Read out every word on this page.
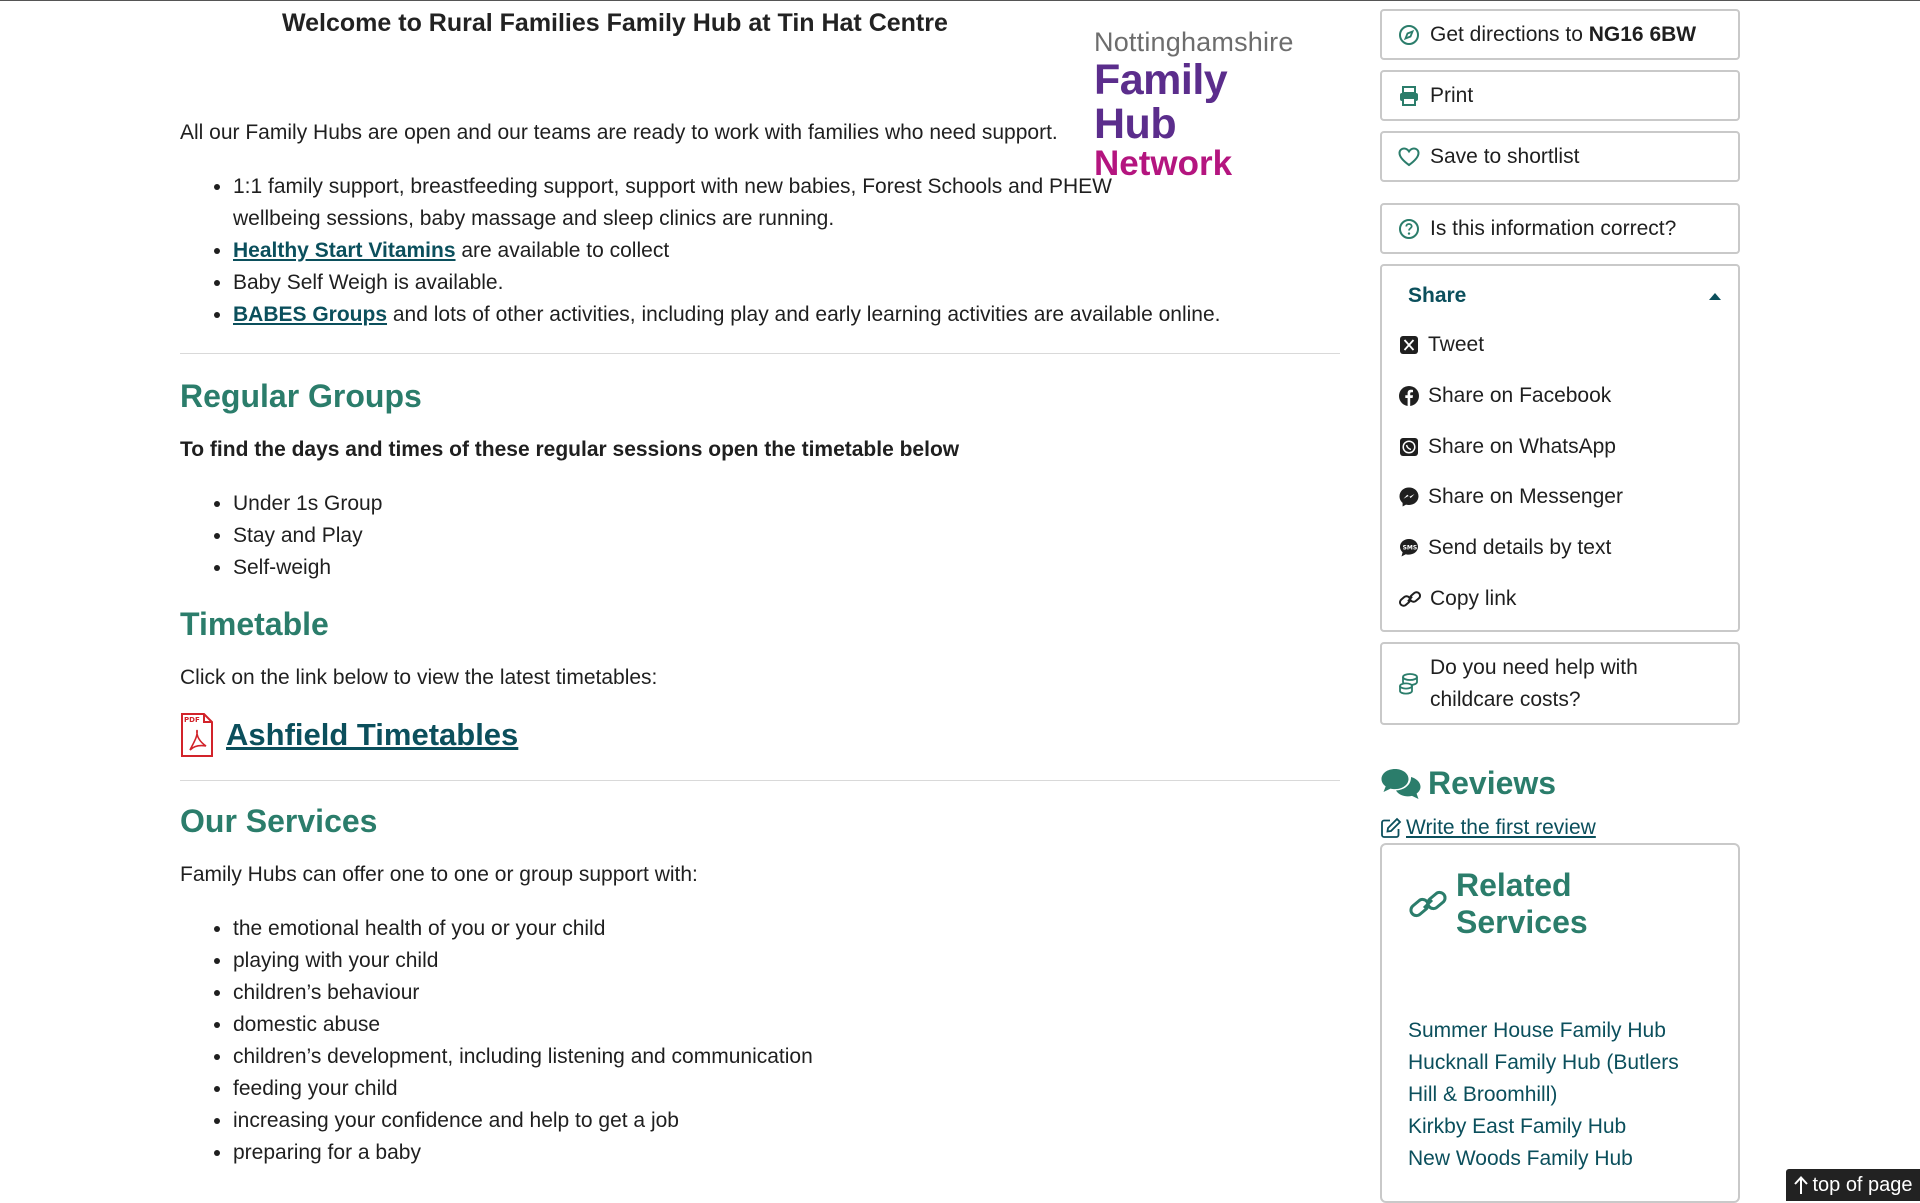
Welcome to Rural Families Family Hub at Tin Hat Centre
Nottinghamshire
Family Hub
Network

All our Family Hubs are open and our teams are ready to work with families who need support.

• 1:1 family support, breastfeeding support, support with new babies, Forest Schools and PHEW wellbeing sessions, baby massage and sleep clinics are running.
• Healthy Start Vitamins are available to collect
• Baby Self Weigh is available.
• BABES Groups and lots of other activities, including play and early learning activities are available online.
Regular Groups

To find the days and times of these regular sessions open the timetable below

• Under 1s Group
• Stay and Play
• Self-weigh
Timetable

Click on the link below to view the latest timetables:

PDF Ashfield Timetables
Our Services

Family Hubs can offer one to one or group support with:

• the emotional health of you or your child
• playing with your child
• children’s behaviour
• domestic abuse
• children’s development, including listening and communication
• feeding your child
• increasing your confidence and help to get a job
• preparing for a baby
Get directions to
NG16 6BW
Print
Save to shortlist
Is this information correct?
Share
Tweet
Share on Facebook
Share on WhatsApp
Share on Messenger
SMS Send details by text
Copy link
Do you need help with
childcare costs?
Reviews
Write the first review
Related Services
Summer House Family Hub
Hucknall Family Hub (Butlers Hill & Broomhill)
Kirkby East Family Hub
New Woods Family Hub
top of page
